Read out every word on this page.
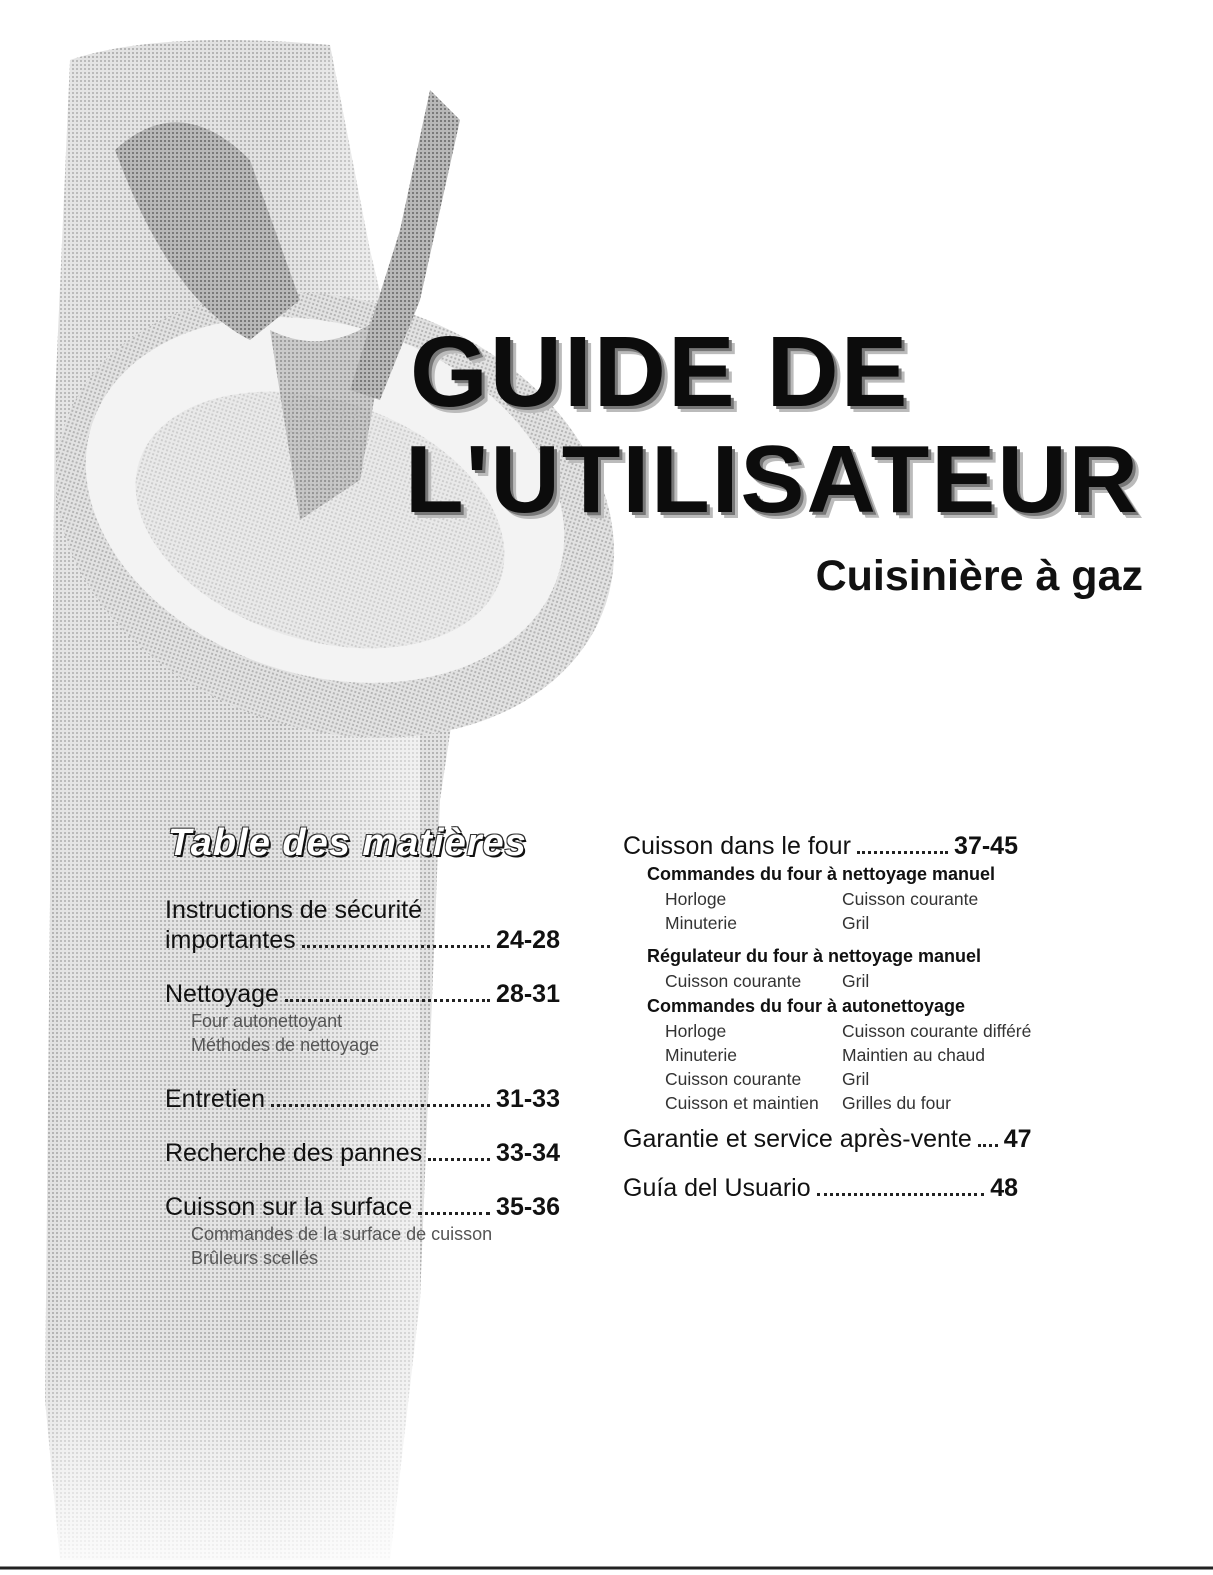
GUIDE DE
L'UTILISATEUR
Cuisinière à gaz
Table des matières
Instructions de sécurité
importantes	24-28
Nettoyage	28-31
Four autonettoyant
Méthodes de nettoyage
Entretien	31-33
Recherche des pannes	33-34
Cuisson sur la surface	35-36
Commandes de la surface de cuisson
Brûleurs scellés
Cuisson dans le four	37-45
Commandes du four à nettoyage manuel
Horloge	Cuisson courante
Minuterie	Gril
Régulateur du four à nettoyage manuel
Cuisson courante	Gril
Commandes du four à autonettoyage
Horloge	Cuisson courante différé
Minuterie	Maintien au chaud
Cuisson courante	Gril
Cuisson et maintien	Grilles du four
Garantie et service après-vente 47
Guía del Usuario	48
